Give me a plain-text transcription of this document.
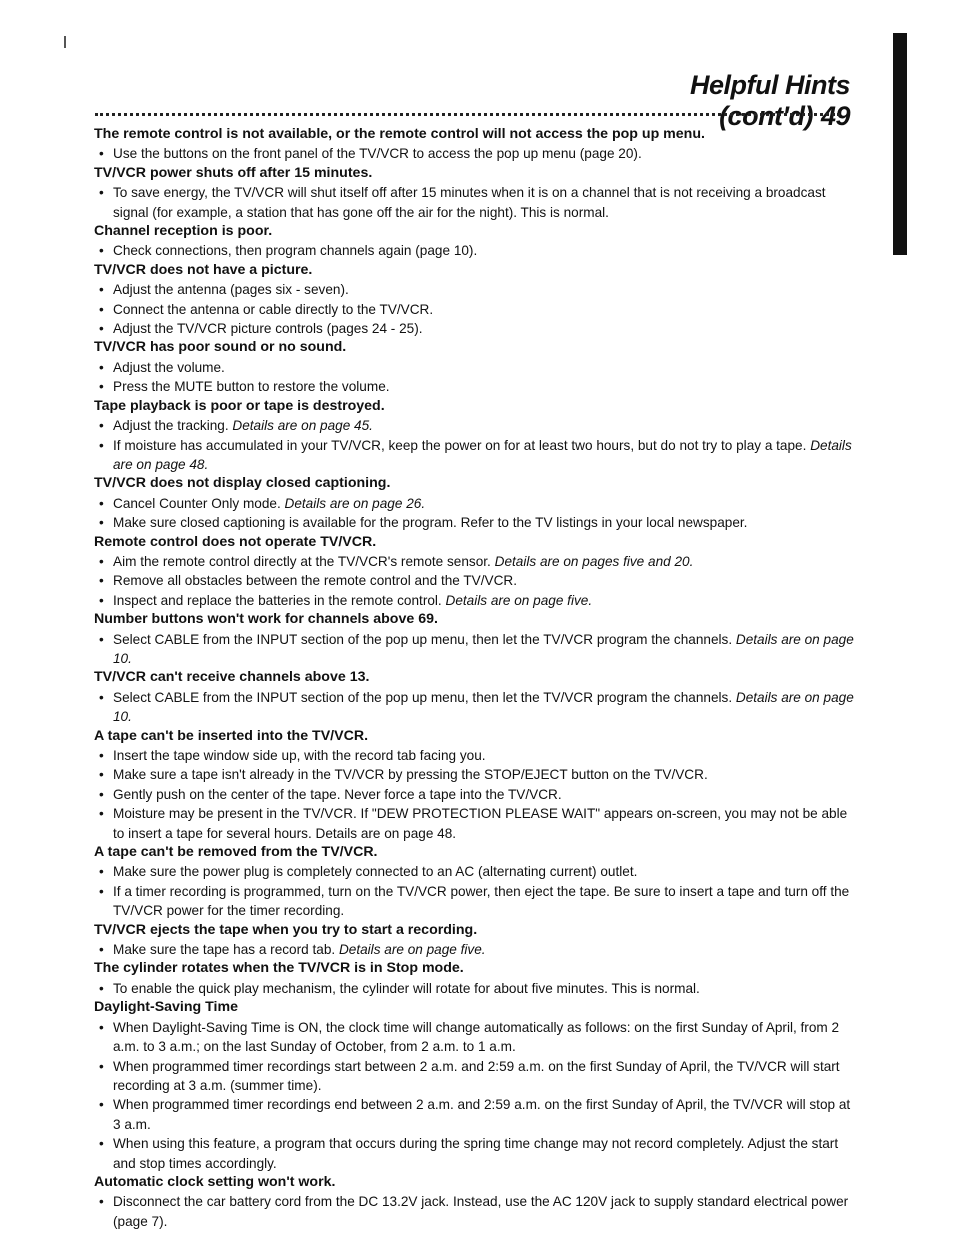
Helpful Hints (cont'd) 49

The remote control is not available, or the remote control will not access the pop up menu.

• Use the buttons on the front panel of the TV/VCR to access the pop up menu (page 20).

TV/VCR power shuts off after 15 minutes.

• To save energy, the TV/VCR will shut itself off after 15 minutes when it is on a channel that is not receiving a broadcast signal (for example, a station that has gone off the air for the night). This is normal.

Channel reception is poor.

• Check connections, then program channels again (page 10).

TV/VCR does not have a picture.

• Adjust the antenna (pages six - seven).
• Connect the antenna or cable directly to the TV/VCR.
• Adjust the TV/VCR picture controls (pages 24 - 25).

TV/VCR has poor sound or no sound.

• Adjust the volume.
• Press the MUTE button to restore the volume.

Tape playback is poor or tape is destroyed.

• Adjust the tracking. Details are on page 45.
• If moisture has accumulated in your TV/VCR, keep the power on for at least two hours, but do not try to play a tape. Details are on page 48.

TV/VCR does not display closed captioning.

• Cancel Counter Only mode. Details are on page 26.
• Make sure closed captioning is available for the program. Refer to the TV listings in your local newspaper.

Remote control does not operate TV/VCR.

• Aim the remote control directly at the TV/VCR's remote sensor. Details are on pages five and 20.
• Remove all obstacles between the remote control and the TV/VCR.
• Inspect and replace the batteries in the remote control. Details are on page five.

Number buttons won't work for channels above 69.

• Select CABLE from the INPUT section of the pop up menu, then let the TV/VCR program the channels. Details are on page 10.

TV/VCR can't receive channels above 13.

• Select CABLE from the INPUT section of the pop up menu, then let the TV/VCR program the channels. Details are on page 10.

A tape can't be inserted into the TV/VCR.

• Insert the tape window side up, with the record tab facing you.
• Make sure a tape isn't already in the TV/VCR by pressing the STOP/EJECT button on the TV/VCR.
• Gently push on the center of the tape. Never force a tape into the TV/VCR.
• Moisture may be present in the TV/VCR. If "DEW PROTECTION PLEASE WAIT" appears on-screen, you may not be able to insert a tape for several hours. Details are on page 48.

A tape can't be removed from the TV/VCR.

• Make sure the power plug is completely connected to an AC (alternating current) outlet.
• If a timer recording is programmed, turn on the TV/VCR power, then eject the tape. Be sure to insert a tape and turn off the TV/VCR power for the timer recording.

TV/VCR ejects the tape when you try to start a recording.

• Make sure the tape has a record tab. Details are on page five.

The cylinder rotates when the TV/VCR is in Stop mode.

• To enable the quick play mechanism, the cylinder will rotate for about five minutes. This is normal.

Daylight-Saving Time

• When Daylight-Saving Time is ON, the clock time will change automatically as follows: on the first Sunday of April, from 2 a.m. to 3 a.m.; on the last Sunday of October, from 2 a.m. to 1 a.m.
• When programmed timer recordings start between 2 a.m. and 2:59 a.m. on the first Sunday of April, the TV/VCR will start recording at 3 a.m. (summer time).
• When programmed timer recordings end between 2 a.m. and 2:59 a.m. on the first Sunday of April, the TV/VCR will stop at 3 a.m.
• When using this feature, a program that occurs during the spring time change may not record completely. Adjust the start and stop times accordingly.

Automatic clock setting won't work.

• Disconnect the car battery cord from the DC 13.2V jack. Instead, use the AC 120V jack to supply standard electrical power (page 7).
